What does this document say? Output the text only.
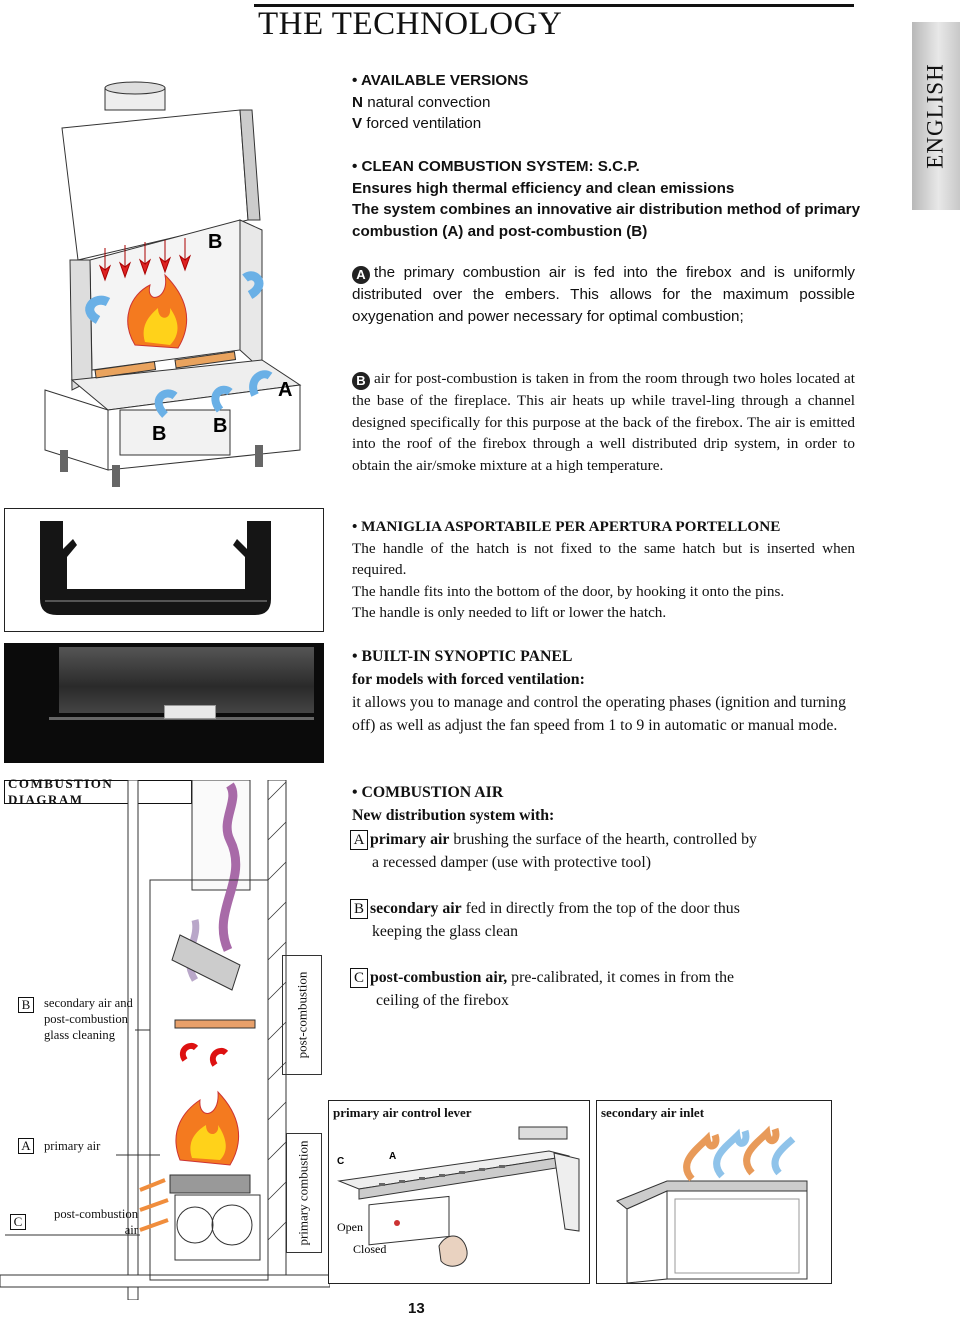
THE TECHNOLOGY
ENGLISH
• AVAILABLE VERSIONS
N natural convection
V forced ventilation
• CLEAN COMBUSTION SYSTEM: S.C.P.
Ensures high thermal efficiency and clean emissions
The system combines an innovative air distribution method of primary combustion (A) and post-combustion (B)
A the primary combustion air is fed into the firebox and is uniformly distributed over the embers. This allows for the maximum possible oxygenation and power necessary for optimal combustion;
B air for post-combustion is taken in from the room through two holes located at the base of the fireplace. This air heats up while travel-ling through a channel designed specifically for this purpose at the back of the firebox. The air is emitted into the roof of the firebox through a well distributed drip system, in order to obtain the air/smoke mixture at a high temperature.
• MANIGLIA ASPORTABILE PER APERTURA PORTELLONE
The handle of the hatch is not fixed to the same hatch but is inserted when required.
The handle fits into the bottom of the door, by hooking it onto the pins.
The handle is only needed to lift or lower the hatch.
• BUILT-IN SYNOPTIC PANEL
for models with forced ventilation:
it allows you to manage and control the operating phases (ignition and turning off) as well as adjust the fan speed from 1 to 9 in automatic or manual mode.
• COMBUSTION AIR
New distribution system with:
A primary air brushing the surface of the hearth, controlled by
a recessed damper (use with protective tool)
B secondary air fed in directly from the top of the door thus
keeping the glass clean
C post-combustion air, pre-calibrated, it comes in from the
ceiling of the firebox
B
A
B B
COMBUSTION DIAGRAM
B	secondary air and post-combustion glass cleaning
A	primary air
C	post-combustion air
post-combustion
primary combustion
primary air control lever
C	A
Open
Closed
secondary air inlet
13
